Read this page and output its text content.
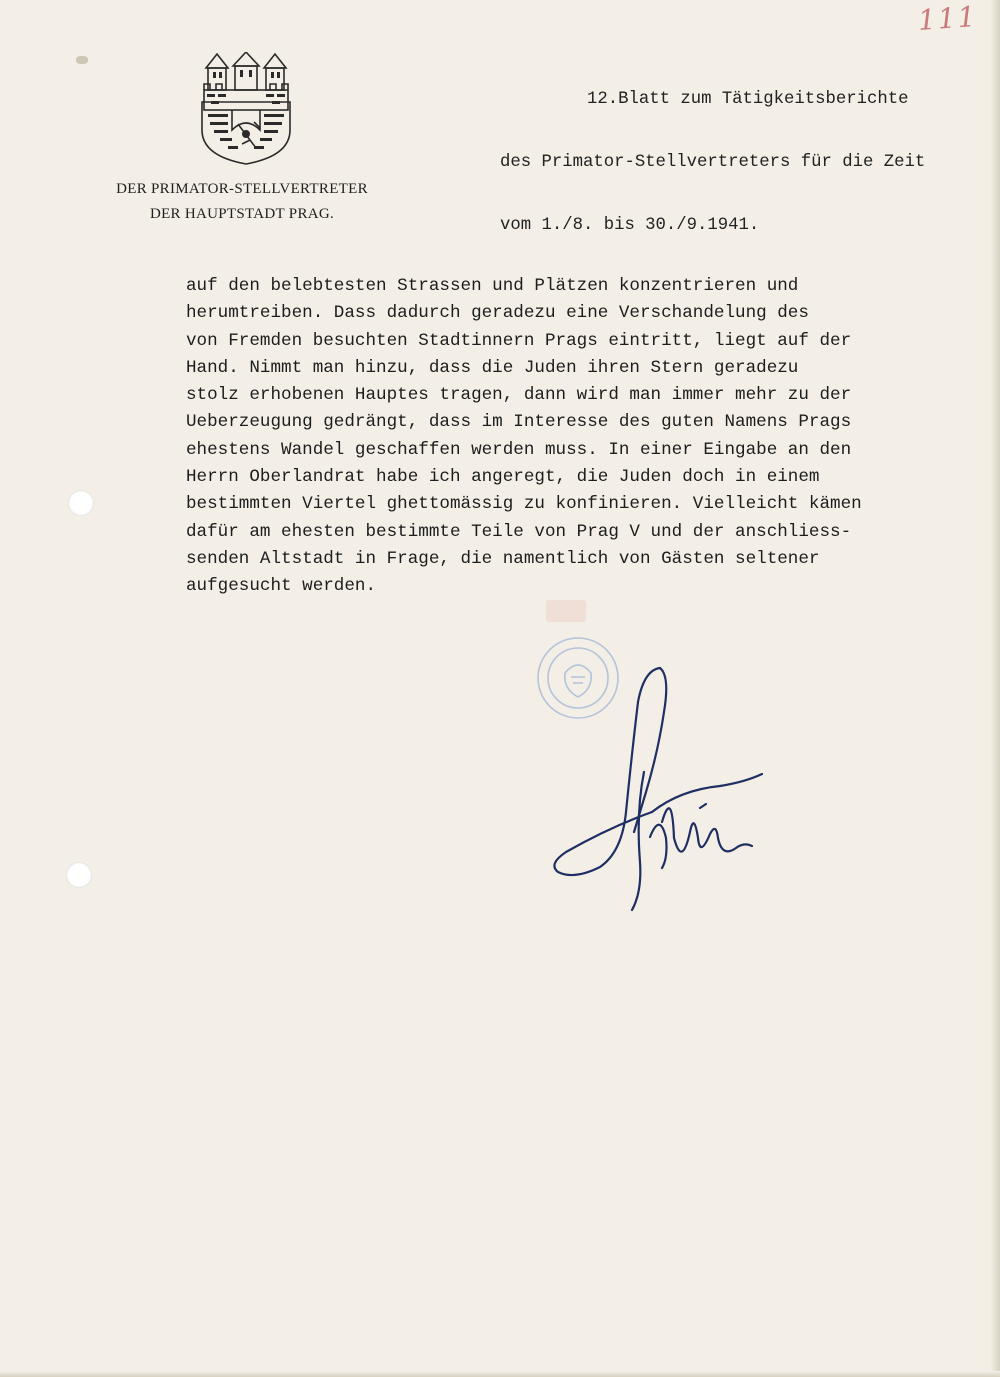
111
DER PRIMATOR-STELLVERTRETER
DER HAUPTSTADT PRAG.

12.Blatt zum Tätigkeitsberichte

des Primator-Stellvertreters für die Zeit

vom 1./8. bis 30./9.1941.

auf den belebtesten Strassen und Plätzen konzentrieren und
herumtreiben. Dass dadurch geradezu eine Verschandelung des
von Fremden besuchten Stadtinnern Prags eintritt, liegt auf der
Hand. Nimmt man hinzu, dass die Juden ihren Stern geradezu
stolz erhobenen Hauptes tragen, dann wird man immer mehr zu der
Ueberzeugung gedrängt, dass im Interesse des guten Namens Prags
ehestens Wandel geschaffen werden muss. In einer Eingabe an den
Herrn Oberlandrat habe ich angeregt, die Juden doch in einem
bestimmten Viertel ghettomässig zu konfinieren. Vielleicht kämen
dafür am ehesten bestimmte Teile von Prag V und der anschliess-
senden Altstadt in Frage, die namentlich von Gästen seltener
aufgesucht werden.
